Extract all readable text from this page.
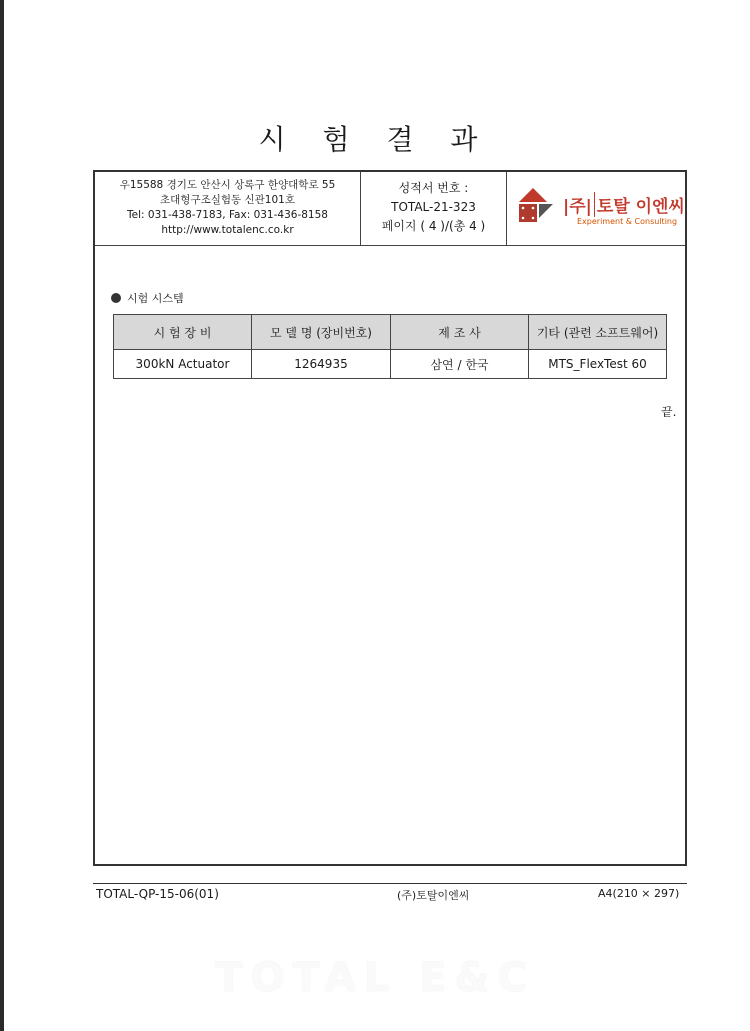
시 험 결 과
우15588 경기도 안산시 상록구 한양대학로 55
초대형구조실험동 신관101호
Tel: 031-438-7183, Fax: 031-436-8158
http://www.totalenc.co.kr
성적서 번호 :
TOTAL-21-323
페이지 ( 4 )/(총 4 )
|주| 토탈 이엔씨
Experiment & Consulting
시험 시스템
시 험 장 비	모 델 명 (장비번호)	제 조 사	기타 (관련 소프트웨어)
300kN Actuator	1264935	삼연 / 한국	MTS_FlexTest 60
끝.
TOTAL-QP-15-06(01)	(주)토탈이엔씨	A4(210 × 297)
TOTAL E&C
